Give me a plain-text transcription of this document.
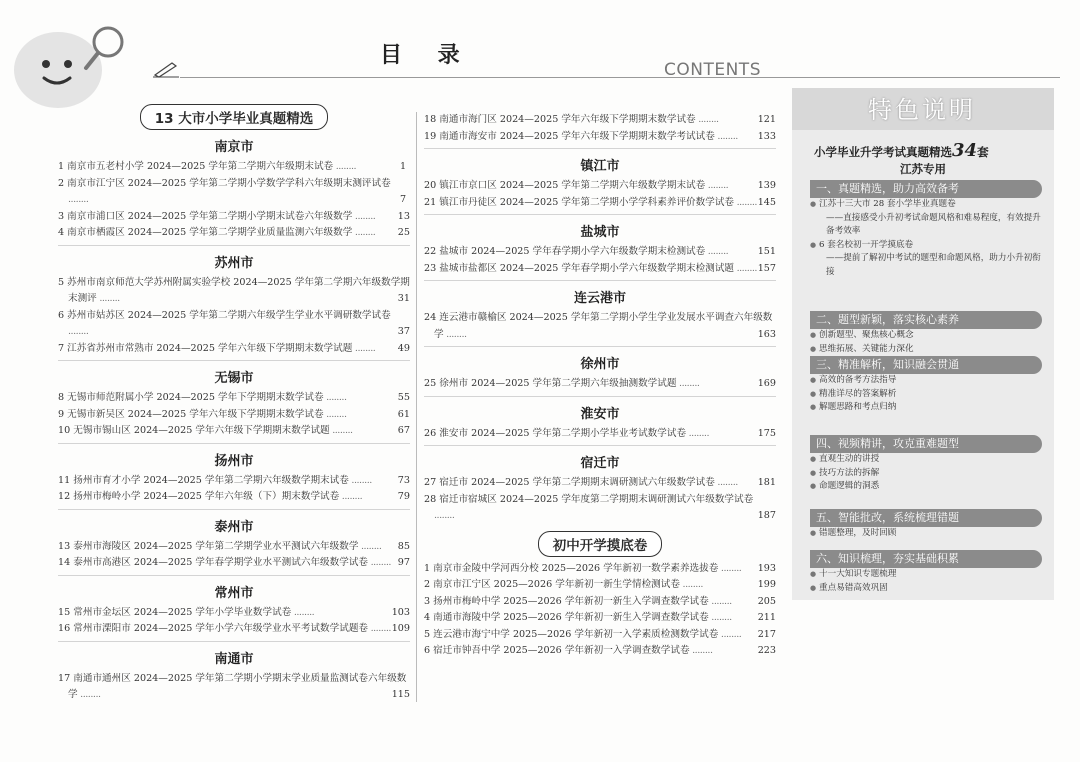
目 录
CONTENTS
13 大市小学毕业真题精选
南京市
1 南京市五老村小学 2024—2025 学年第二学期六年级期末试卷 ........	1
2 南京市江宁区 2024—2025 学年第二学期小学数学学科六年级期末测评试卷 ........	7
3 南京市浦口区 2024—2025 学年第二学期小学期末试卷六年级数学 ........ 13
4 南京市栖霞区 2024—2025 学年第二学期学业质量监测六年级数学 ........ 25
苏州市
5 苏州市南京师范大学苏州附属实验学校 2024—2025 学年第二学期六年级数学期末测评 ........	31
6 苏州市姑苏区 2024—2025 学年第二学期六年级学生学业水平调研数学试卷 ........	37
7 江苏省苏州市常熟市 2024—2025 学年六年级下学期期末数学试题 ........ 49
无锡市
8 无锡市师范附属小学 2024—2025 学年下学期期末数学试卷 ........	55
9 无锡市新吴区 2024—2025 学年六年级下学期期末数学试卷 ........	61
10 无锡市锡山区 2024—2025 学年六年级下学期期末数学试题 ........	67
扬州市
11 扬州市育才小学 2024—2025 学年第二学期六年级数学期末试卷 ........	73
12 扬州市梅岭小学 2024—2025 学年六年级（下）期末数学试卷 ........	79
泰州市
13 泰州市海陵区 2024—2025 学年第二学期学业水平测试六年级数学 ........ 85
14 泰州市高港区 2024—2025 学年春学期学业水平测试六年级数学试卷 ........ 97
常州市
15 常州市金坛区 2024—2025 学年小学毕业数学试卷 ........	103
16 常州市溧阳市 2024—2025 学年小学六年级学业水平考试数学试题卷 ........ 109
南通市
17 南通市通州区 2024—2025 学年第二学期小学期末学业质量监测试卷六年级数学 ........	115
18 南通市海门区 2024—2025 学年六年级下学期期末数学试卷 ........	121
19 南通市海安市 2024—2025 学年六年级下学期期末数学考试试卷 ........ 133
镇江市
20 镇江市京口区 2024—2025 学年第二学期六年级数学期末试卷 ........	139
21 镇江市丹徒区 2024—2025 学年第二学期小学学科素养评价数学试卷 ........ 145
盐城市
22 盐城市 2024—2025 学年春学期小学六年级数学期末检测试卷 ........	151
23 盐城市盐都区 2024—2025 学年春学期小学六年级数学期末检测试题 ........ 157
连云港市
24 连云港市赣榆区 2024—2025 学年第二学期小学生学业发展水平调查六年级数学 ........	163
徐州市
25 徐州市 2024—2025 学年第二学期六年级抽测数学试题 ........	169
淮安市
26 淮安市 2024—2025 学年第二学期小学毕业考试数学试卷 ........	175
宿迁市
27 宿迁市 2024—2025 学年第二学期期末调研测试六年级数学试卷 ........ 181
28 宿迁市宿城区 2024—2025 学年度第二学期期末调研测试六年级数学试卷 ........	187
初中开学摸底卷
1 南京市金陵中学河西分校 2025—2026 学年新初一数学素养选拔卷 ........ 193
2 南京市江宁区 2025—2026 学年新初一新生学情检测试卷 ........	199
3 扬州市梅岭中学 2025—2026 学年新初一新生入学调查数学试卷 ........	205
4 南通市海陵中学 2025—2026 学年新初一新生入学调查数学试卷 ........	211
5 连云港市海宁中学 2025—2026 学年新初一入学素质检测数学试卷 ........ 217
6 宿迁市钟吾中学 2025—2026 学年新初一入学调查数学试卷 ........	223
特色说明
小学毕业升学考试真题精选34套
江苏专用
一、真题精选，助力高效备考
● 江苏十三大市 28 套小学毕业真题卷
——直接感受小升初考试命题风格和难易程度，有效提升备考效率
● 6 套名校初一开学摸底卷
——提前了解初中考试的题型和命题风格，助力小升初衔接
二、题型新颖，落实核心素养
● 创新题型、聚焦核心概念
● 思维拓展、关键能力深化
三、精准解析，知识融会贯通
● 高效的备考方法指导
● 精准详尽的答案解析
● 解题思路和考点归纳
四、视频精讲，攻克重难题型
● 直观生动的讲授
● 技巧方法的拆解
● 命题逻辑的洞悉
五、智能批改，系统梳理错题
● 错题整理，及时回顾
六、知识梳理，夯实基础积累
● 十一大知识专题梳理
● 重点易错高效巩固
